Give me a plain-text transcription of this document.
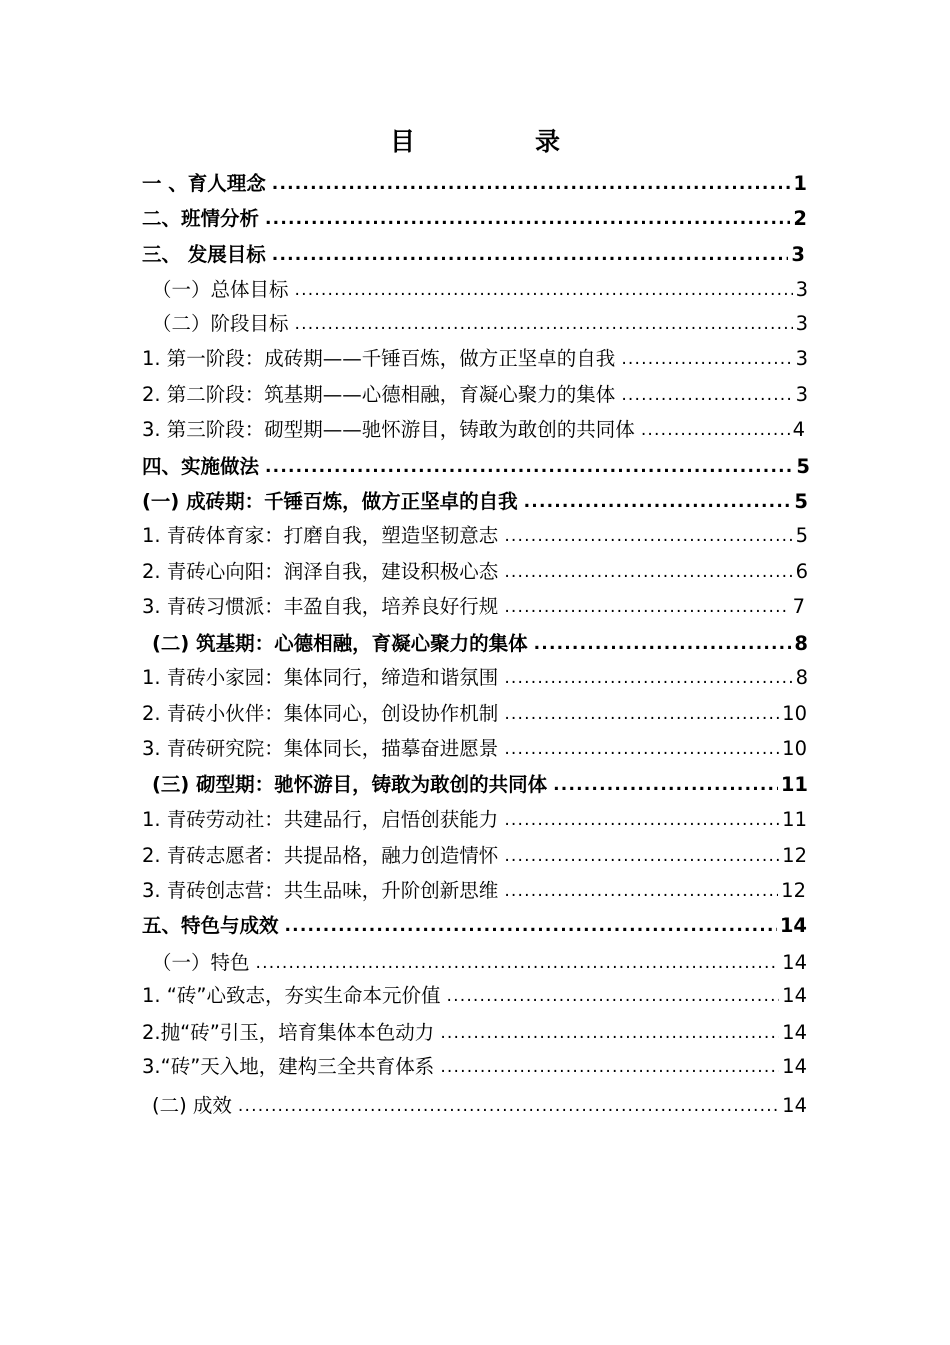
目	录
一 、育人理念 .....	1
二、班情分析 .....	2
三、 发展目标 .....	3
（一）总体目标 .....	3
（二）阶段目标 .....	3
1. 第一阶段：成砖期——千锤百炼，做方正坚卓的自我 .....	3
2. 第二阶段：筑基期——心德相融，育凝心聚力的集体 .....	3
3. 第三阶段：砌型期——驰怀游目，铸敢为敢创的共同体 .....	4
四、实施做法 .....	5
(一) 成砖期：千锤百炼，做方正坚卓的自我 .....	5
1. 青砖体育家：打磨自我，塑造坚韧意志 .....	5
2. 青砖心向阳：润泽自我，建设积极心态 .....	6
3. 青砖习惯派：丰盈自我，培养良好行规 .....	7
(二) 筑基期：心德相融，育凝心聚力的集体 .....	8
1. 青砖小家园：集体同行，缔造和谐氛围 .....	8
2. 青砖小伙伴：集体同心，创设协作机制 .....	10
3. 青砖研究院：集体同长，描摹奋进愿景 .....	10
(三) 砌型期：驰怀游目，铸敢为敢创的共同体 .....	11
1. 青砖劳动社：共建品行，启悟创获能力 .....	11
2. 青砖志愿者：共提品格，融力创造情怀 .....	12
3. 青砖创志营：共生品味，升阶创新思维 .....	12
五、特色与成效 .....	14
（一）特色 .....	14
1. “砖”心致志，夯实生命本元价值 .....	14
2.抛“砖”引玉，培育集体本色动力 .....	14
3.“砖”天入地，建构三全共育体系 .....	14
(二) 成效 .....	14
